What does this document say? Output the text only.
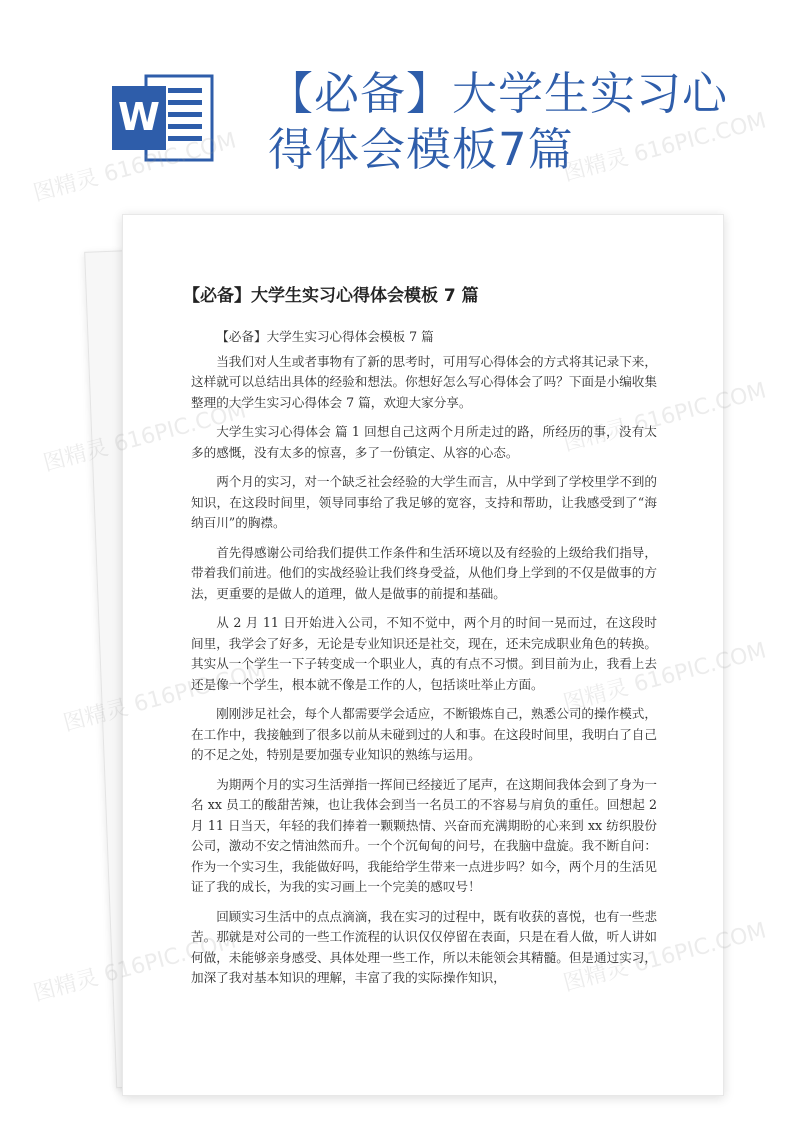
W 【必备】大学生实习心得体会模板7篇
【必备】大学生实习心得体会模板 7 篇

【必备】大学生实习心得体会模板 7 篇

当我们对人生或者事物有了新的思考时，可用写心得体会的方式将其记录下来，这样就可以总结出具体的经验和想法。你想好怎么写心得体会了吗？下面是小编收集整理的大学生实习心得体会 7 篇，欢迎大家分享。

大学生实习心得体会 篇 1 回想自己这两个月所走过的路，所经历的事，没有太多的感慨，没有太多的惊喜，多了一份镇定、从容的心态。

两个月的实习，对一个缺乏社会经验的大学生而言，从中学到了学校里学不到的知识，在这段时间里，领导同事给了我足够的宽容，支持和帮助，让我感受到了“海纳百川”的胸襟。

首先得感谢公司给我们提供工作条件和生活环境以及有经验的上级给我们指导，带着我们前进。他们的实战经验让我们终身受益，从他们身上学到的不仅是做事的方法，更重要的是做人的道理，做人是做事的前提和基础。

从 2 月 11 日开始进入公司，不知不觉中，两个月的时间一晃而过，在这段时间里，我学会了好多，无论是专业知识还是社交，现在，还未完成职业角色的转换。其实从一个学生一下子转变成一个职业人，真的有点不习惯。到目前为止，我看上去还是像一个学生，根本就不像是工作的人，包括谈吐举止方面。

刚刚涉足社会，每个人都需要学会适应，不断锻炼自己，熟悉公司的操作模式，在工作中，我接触到了很多以前从未碰到过的人和事。在这段时间里，我明白了自己的不足之处，特别是要加强专业知识的熟练与运用。

为期两个月的实习生活弹指一挥间已经接近了尾声，在这期间我体会到了身为一名 xx 员工的酸甜苦辣，也让我体会到当一名员工的不容易与肩负的重任。回想起 2 月 11 日当天，年轻的我们捧着一颗颗热情、兴奋而充满期盼的心来到 xx 纺织股份公司，激动不安之情油然而升。一个个沉甸甸的问号，在我脑中盘旋。我不断自问：作为一个实习生，我能做好吗，我能给学生带来一点进步吗？如今，两个月的生活见证了我的成长，为我的实习画上一个完美的感叹号！

回顾实习生活中的点点滴滴，我在实习的过程中，既有收获的喜悦，也有一些悲苦。那就是对公司的一些工作流程的认识仅仅停留在表面，只是在看人做，听人讲如何做，未能够亲身感受、具体处理一些工作，所以未能领会其精髓。但是通过实习，加深了我对基本知识的理解，丰富了我的实际操作知识，

图精灵 616PIC.COM	图精灵 616PIC.COM
图精灵
图精灵
图精灵
